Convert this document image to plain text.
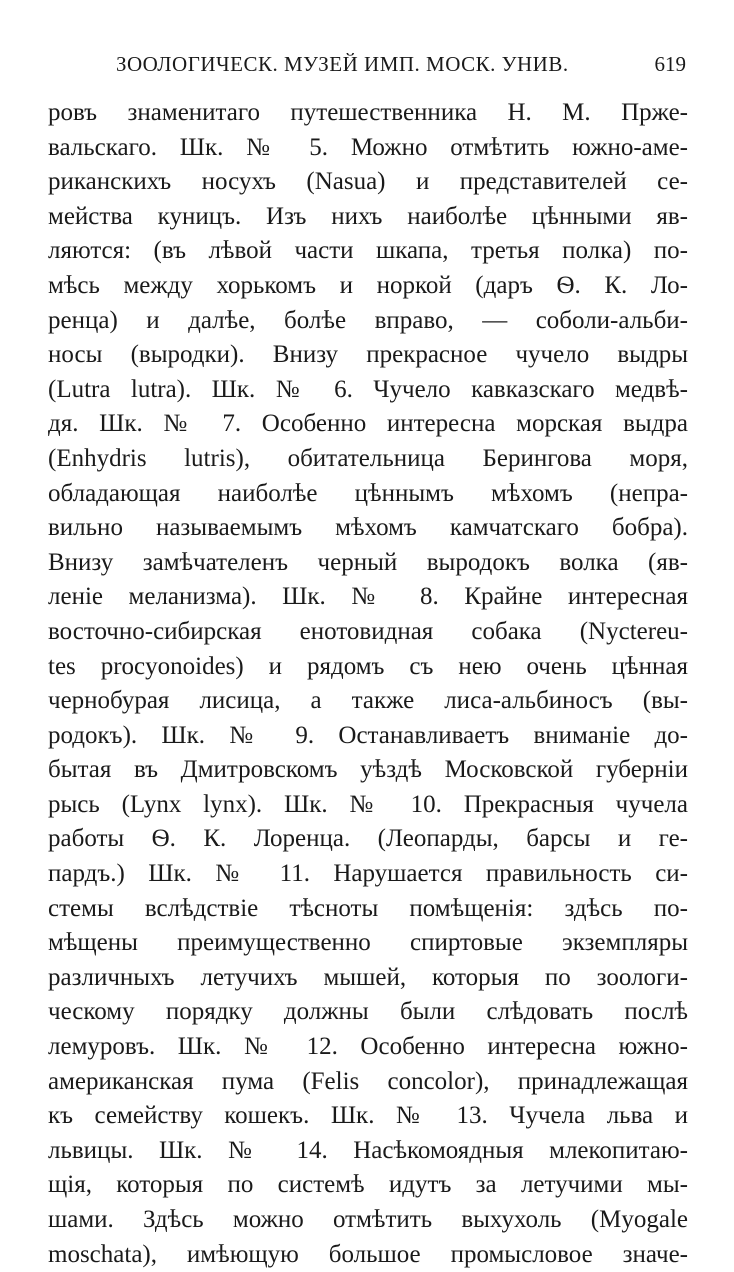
ЗООЛОГИЧЕСК. МУЗЕЙ ИМП. МОСК. УНИВ.	619
ровъ знаменитаго путешественника Н. М. Прже-
вальскаго. Шк. № 5. Можно отмѣтить южно-аме-
риканскихъ носухъ (Nasua) и представителей се-
мейства куницъ. Изъ нихъ наиболѣе цѣнными яв-
ляются: (въ лѣвой части шкапа, третья полка) по-
мѣсь между хорькомъ и норкой (даръ Ѳ. К. Ло-
ренца) и далѣе, болѣе вправо, — соболи-альби-
носы (выродки). Внизу прекрасное чучело выдры
(Lutra lutra). Шк. № 6. Чучело кавказскаго медвѣ-
дя. Шк. № 7. Особенно интересна морская выдра
(Enhydris lutris), обитательница Берингова моря,
обладающая наиболѣе цѣннымъ мѣхомъ (непра-
вильно называемымъ мѣхомъ камчатскаго бобра).
Внизу замѣчателенъ черный выродокъ волка (яв-
леніе меланизма). Шк. № 8. Крайне интересная
восточно-сибирская енотовидная собака (Nyctereu-
tes procyonoides) и рядомъ съ нею очень цѣнная
чернобурая лисица, а также лиса-альбиносъ (вы-
родокъ). Шк. № 9. Останавливаетъ вниманіе до-
бытая въ Дмитровскомъ уѣздѣ Московской губерніи
рысь (Lynx lynx). Шк. № 10. Прекрасныя чучела
работы Ѳ. К. Лоренца. (Леопарды, барсы и ге-
пардъ.) Шк. № 11. Нарушается правильность си-
стемы вслѣдствіе тѣсноты помѣщенія: здѣсь по-
мѣщены преимущественно спиртовые экземпляры
различныхъ летучихъ мышей, которыя по зоологи-
ческому порядку должны были слѣдовать послѣ
лемуровъ. Шк. № 12. Особенно интересна южно-
американская пума (Felis concolor), принадлежащая
къ семейству кошекъ. Шк. № 13. Чучела льва и
львицы. Шк. № 14. Насѣкомоядныя млекопитаю-
щія, которыя по системѣ идутъ за летучими мы-
шами. Здѣсь можно отмѣтить выхухоль (Myogale
moschata), имѣющую большое промысловое значе-
